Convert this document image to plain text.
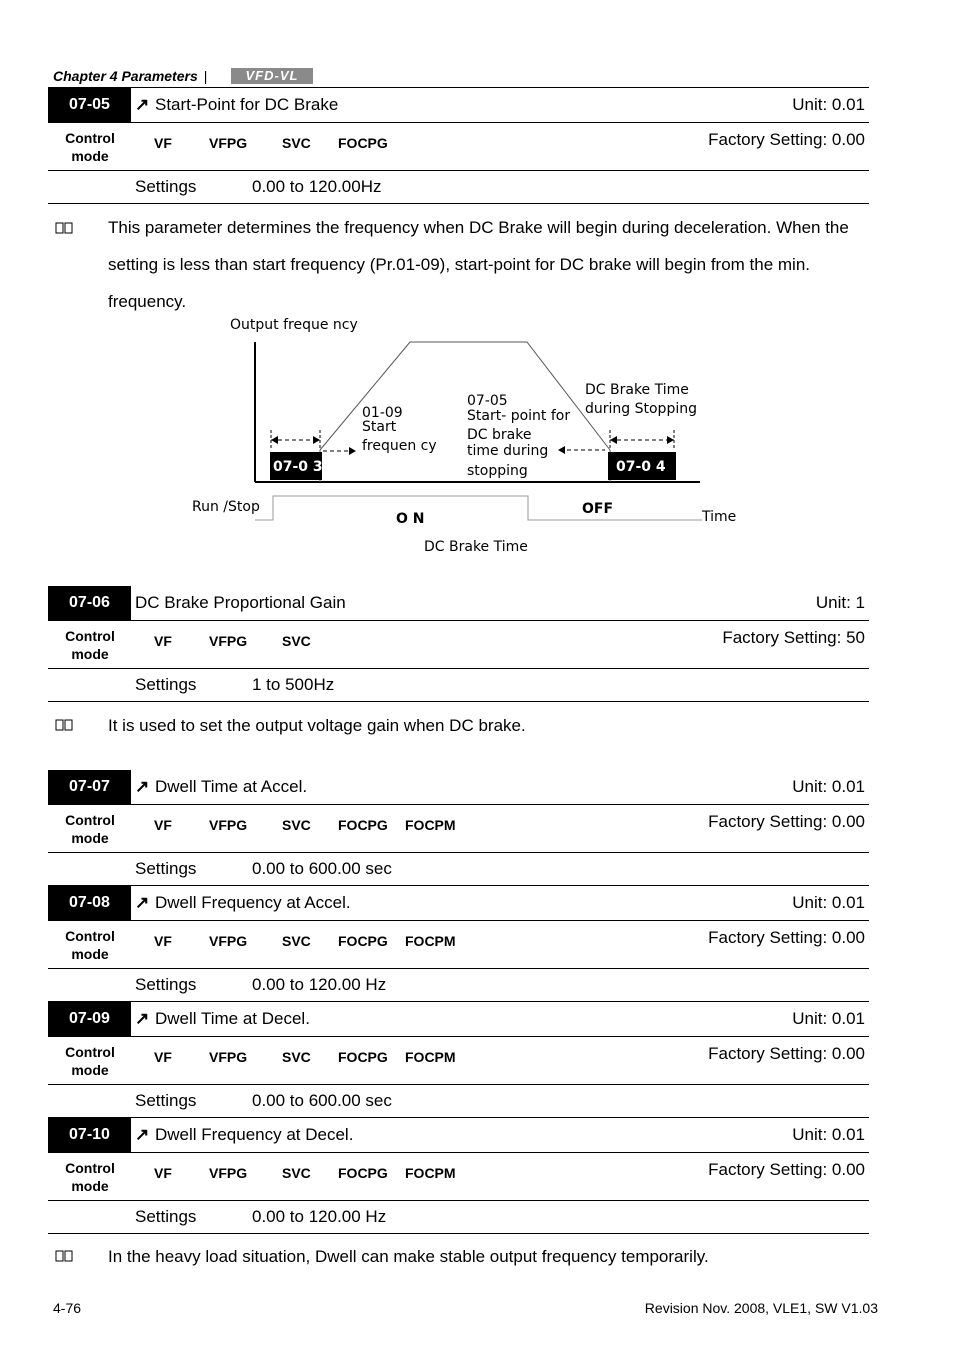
Chapter 4 Parameters |	VFD-VL
07-05	↗ Start-Point for DC Brake	Unit: 0.01
Control mode
VF	VFPG SVC FOCPG	Factory Setting: 0.00
Settings	0.00 to 120.00Hz
This parameter determines the frequency when DC Brake will begin during deceleration. When the setting is less than start frequency (Pr.01-09), start-point for DC brake will begin from the min. frequency.
Output freque ncy
07-0 3
01-09
Start
frequen cy
07-05
Start- point for
DC brake
time during
stopping
DC Brake Time
during Stopping
07-0 4
Run /Stop
O N
OFF	Time
DC Brake Time
07-06	DC Brake Proportional Gain	Unit: 1
Control mode
VF	VFPG SVC	Factory Setting: 50
Settings	1 to 500Hz
It is used to set the output voltage gain when DC brake.
07-07	↗ Dwell Time at Accel.	Unit: 0.01
Control mode
VF	VFPG SVC FOCPG FOCPM	Factory Setting: 0.00
Settings	0.00 to 600.00 sec
07-08	↗ Dwell Frequency at Accel.	Unit: 0.01
Control mode
VF	VFPG SVC FOCPG FOCPM	Factory Setting: 0.00
Settings	0.00 to 120.00 Hz
07-09	↗ Dwell Time at Decel.	Unit: 0.01
Control mode
VF	VFPG SVC FOCPG FOCPM	Factory Setting: 0.00
Settings	0.00 to 600.00 sec
07-10	↗ Dwell Frequency at Decel.	Unit: 0.01
Control mode
VF	VFPG SVC FOCPG FOCPM	Factory Setting: 0.00
Settings	0.00 to 120.00 Hz
In the heavy load situation, Dwell can make stable output frequency temporarily.
4-76	Revision Nov. 2008, VLE1, SW V1.03
